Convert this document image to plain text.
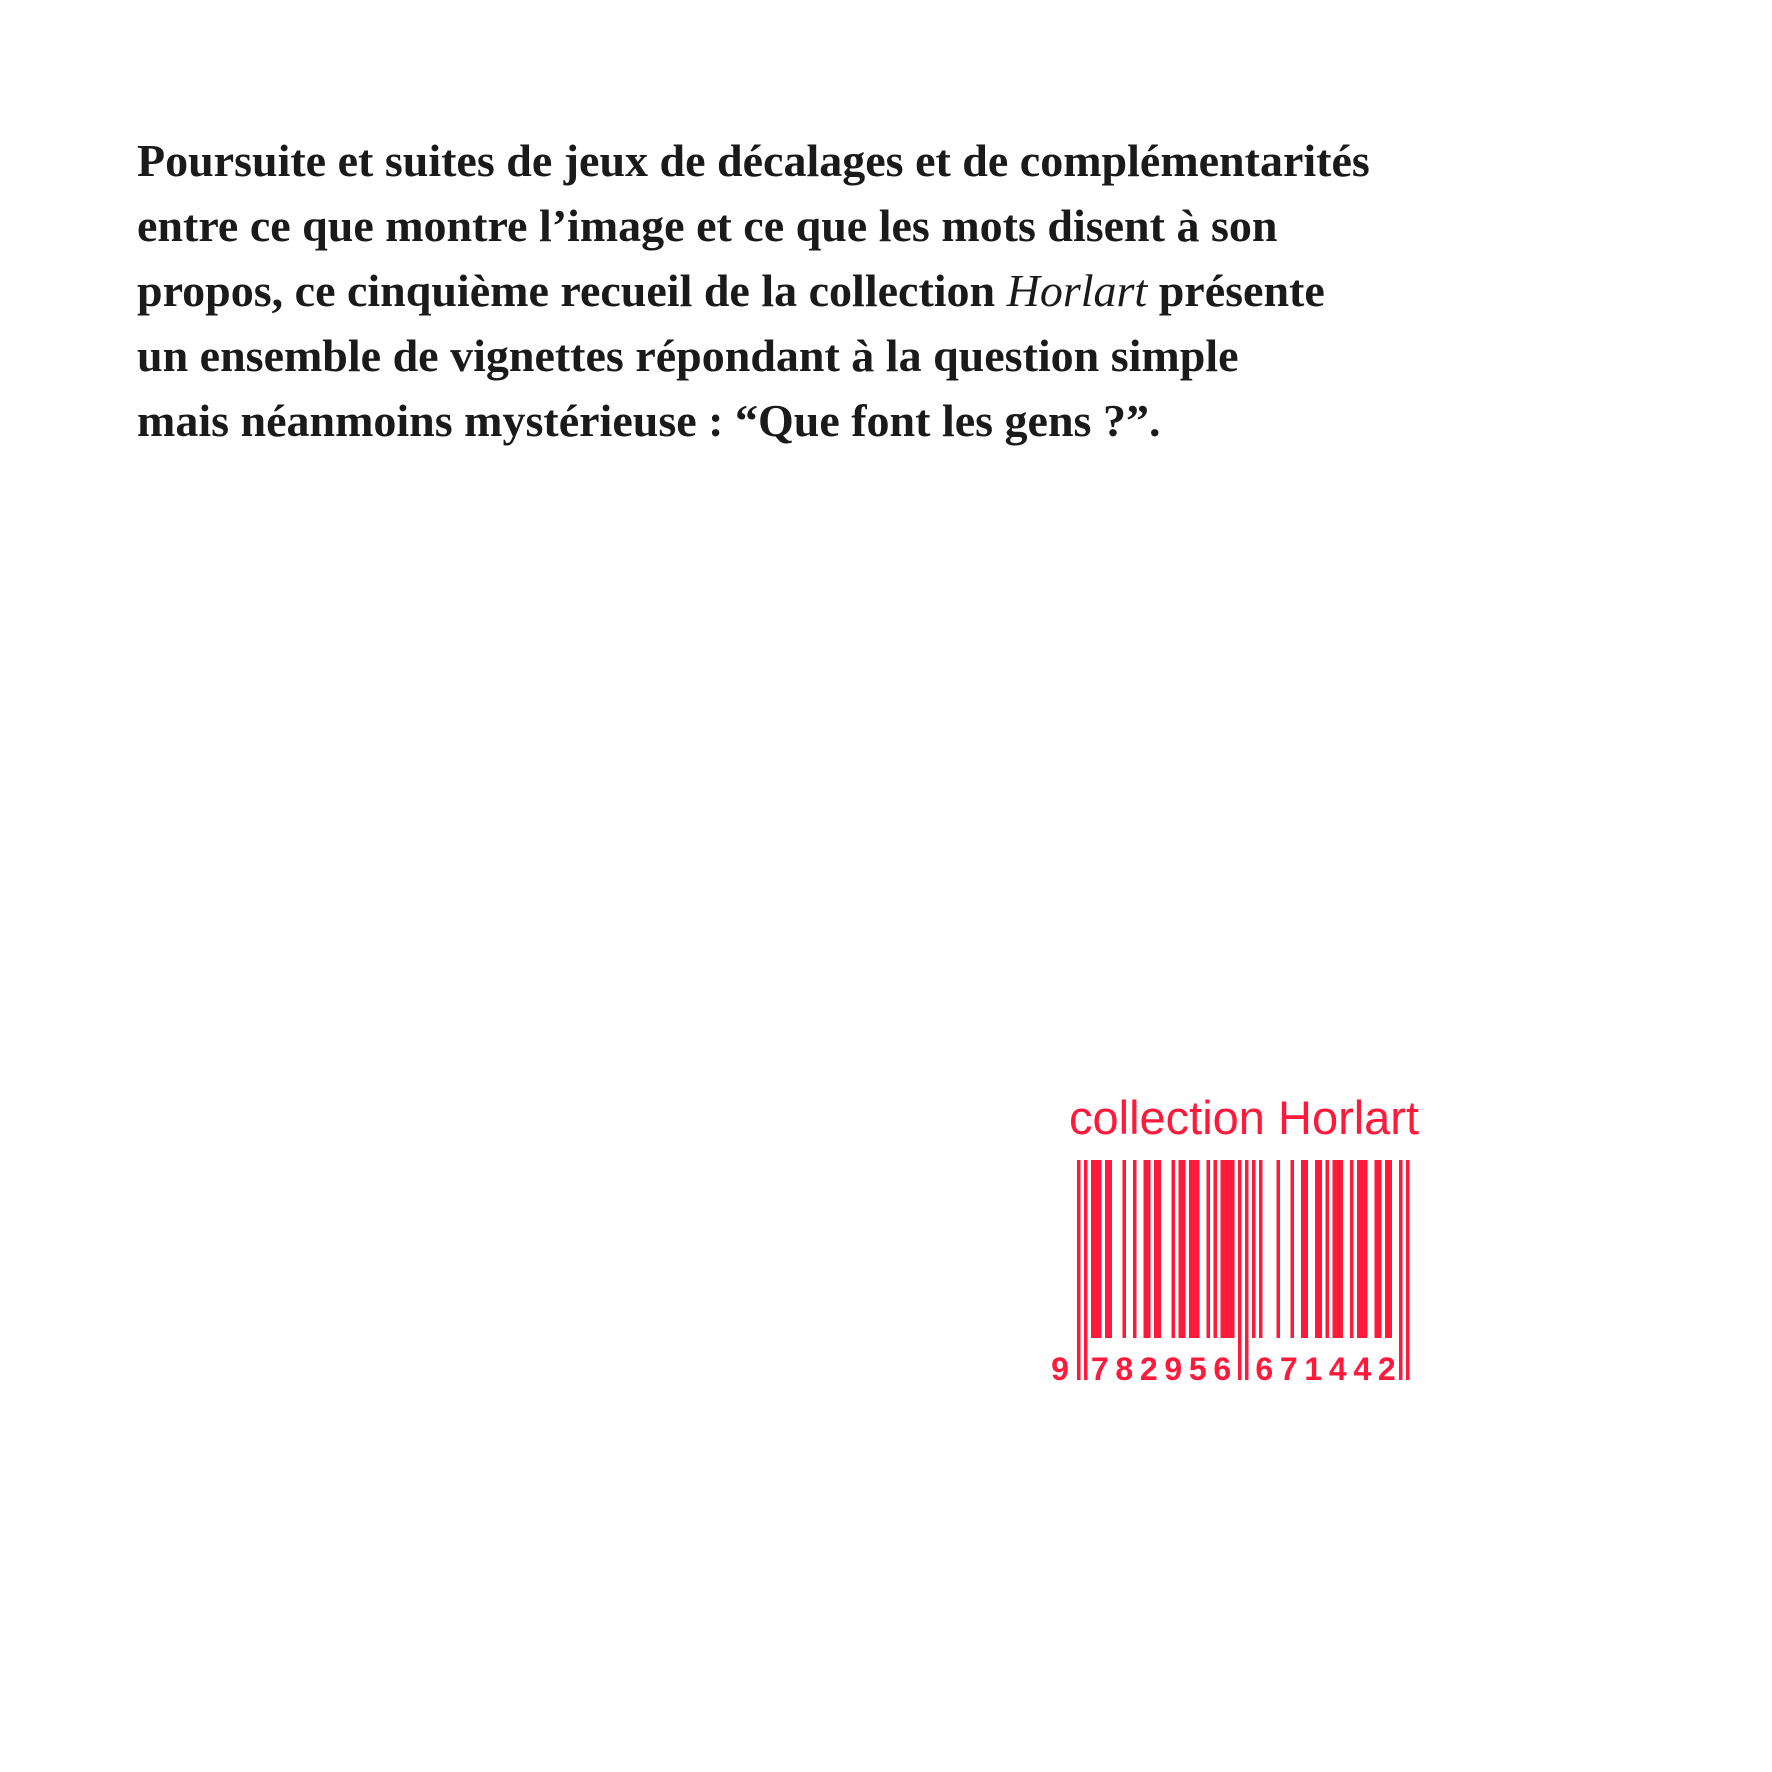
Poursuite et suites de jeux de décalages et de complémentarités
entre ce que montre l’image et ce que les mots disent à son
propos, ce cinquième recueil de la collection Horlart présente
un ensemble de vignettes répondant à la question simple
mais néanmoins mystérieuse : “Que font les gens ?”.
collection Horlart
9 7 8 2 9 5 6 6 7 1 4 4 2
